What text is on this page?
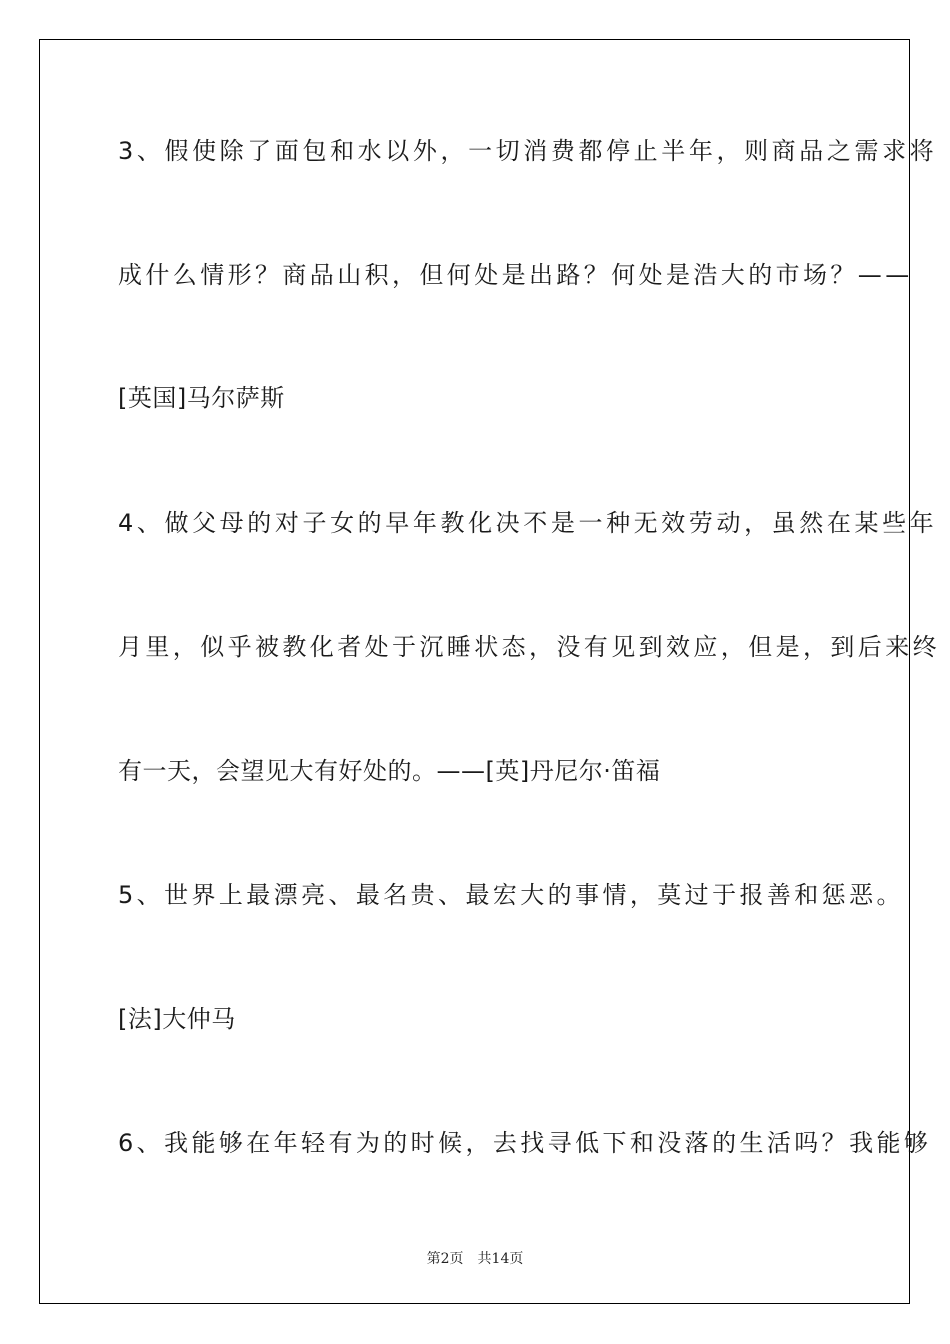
3、假使除了面包和水以外，一切消费都停止半年，则商品之需求将
成什么情形？商品山积，但何处是出路？何处是浩大的市场？——
[英国]马尔萨斯
4、做父母的对子女的早年教化决不是一种无效劳动，虽然在某些年
月里，似乎被教化者处于沉睡状态，没有见到效应，但是，到后来终
有一天，会望见大有好处的。——[英]丹尼尔·笛福
5、世界上最漂亮、最名贵、最宏大的事情，莫过于报善和惩恶。
[法]大仲马
6、我能够在年轻有为的时候，去找寻低下和没落的生活吗？我能够
第2页 共14页
